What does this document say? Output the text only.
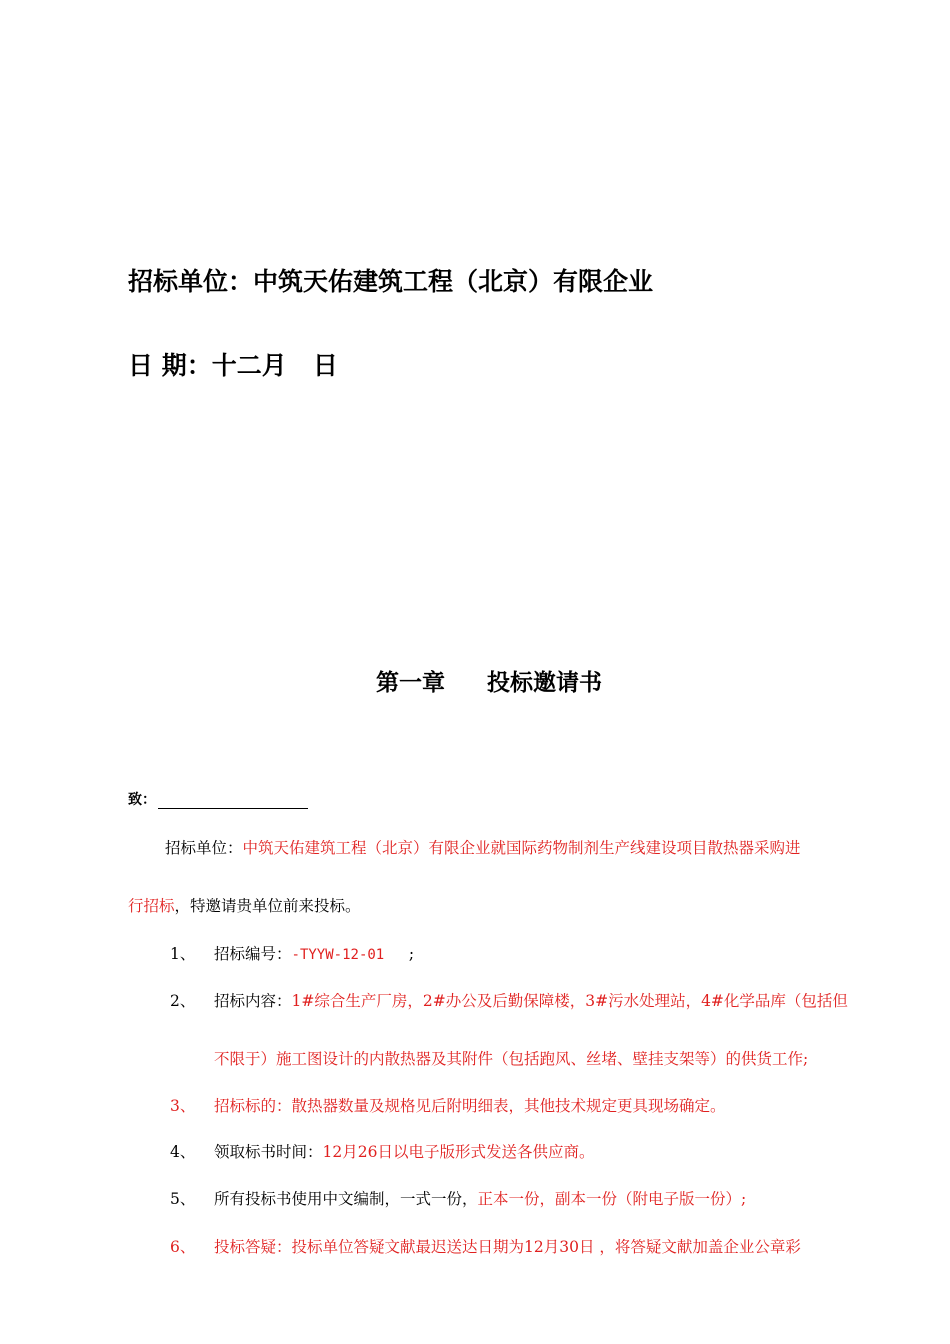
招标单位：中筑天佑建筑工程（北京）有限企业
日 期：十二月   日
第一章 投标邀请书
致：
招标单位：中筑天佑建筑工程（北京）有限企业就国际药物制剂生产线建设项目散热器采购进
行招标，特邀请贵单位前来投标。
1、 招标编号：-TYYW-12-01     ;
2、 招标内容：1#综合生产厂房，2#办公及后勤保障楼，3#污水处理站，4#化学品库（包括但
不限于）施工图设计的内散热器及其附件（包括跑风、丝堵、壁挂支架等）的供货工作;
3、 招标标的：散热器数量及规格见后附明细表，其他技术规定更具现场确定。
4、 领取标书时间：12月26日以电子版形式发送各供应商。
5、 所有投标书使用中文编制，一式一份，正本一份，副本一份（附电子版一份）;
6、 投标答疑：投标单位答疑文献最迟送达日期为12月30日 ，将答疑文献加盖企业公章彩
